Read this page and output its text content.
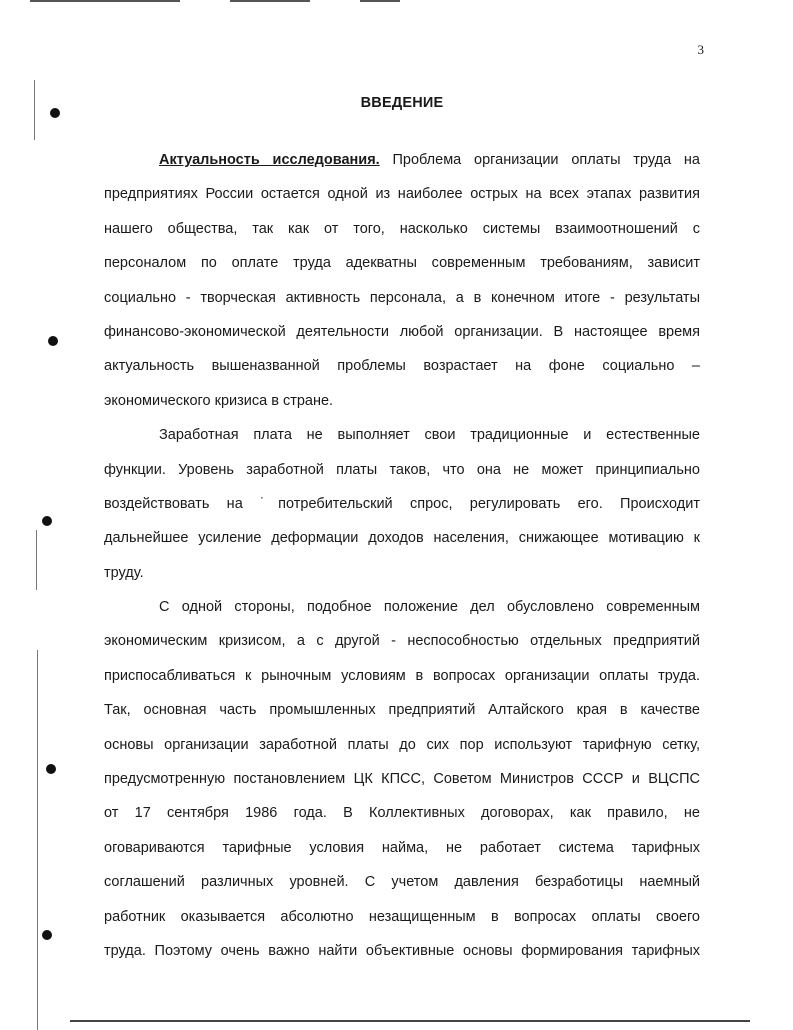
3
ВВЕДЕНИЕ
Актуальность исследования. Проблема организации оплаты труда на
предприятиях России остается одной из наиболее острых на всех этапах развития
нашего общества, так как от того, насколько системы взаимоотношений с
персоналом по оплате труда адекватны современным требованиям, зависит
социально - творческая активность персонала, а в конечном итоге - результаты
финансово-экономической деятельности любой организации. В настоящее время
актуальность вышеназванной проблемы возрастает на фоне социально –
экономического кризиса в стране.
Заработная плата не выполняет свои традиционные и естественные
функции. Уровень заработной платы таков, что она не может принципиально
воздействовать на ˙потребительский спрос, регулировать его. Происходит
дальнейшее усиление деформации доходов населения, снижающее мотивацию к
труду.
С одной стороны, подобное положение дел обусловлено современным
экономическим кризисом, а с другой - неспособностью отдельных предприятий
приспосабливаться к рыночным условиям в вопросах организации оплаты труда.
Так, основная часть промышленных предприятий Алтайского края в качестве
основы организации заработной платы до сих пор используют тарифную сетку,
предусмотренную постановлением ЦК КПСС, Советом Министров СССР и ВЦСПС
от 17 сентября 1986 года. В Коллективных договорах, как правило, не
оговариваются тарифные условия найма, не работает система тарифных
соглашений различных уровней. С учетом давления безработицы наемный
работник оказывается абсолютно незащищенным в вопросах оплаты своего
труда. Поэтому очень важно найти объективные основы формирования тарифных
